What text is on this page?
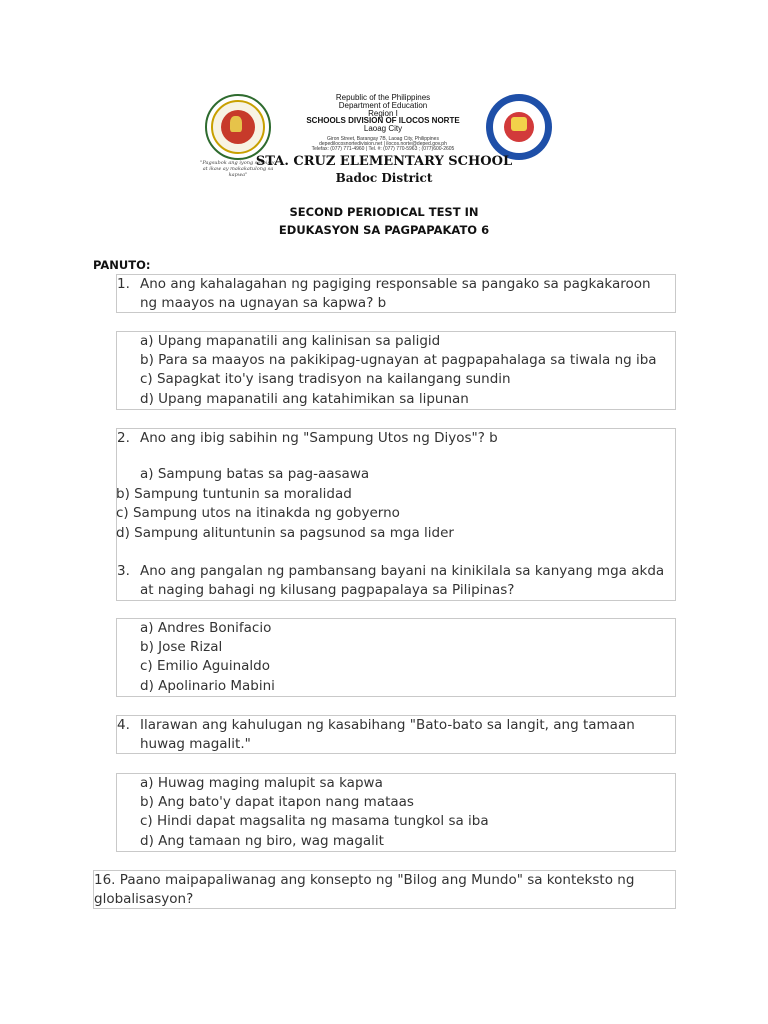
"Pagsubok ang iyong serbisyo at ikaw ay makakatulong sa kapwa"
Republic of the Philippines
Department of Education
Region I
SCHOOLS DIVISION OF ILOCOS NORTE
Laoag City
Giron Street, Barangay 7B, Laoag City, Philippines
depedilocosnortedivision.net | ilocos.norte@deped.gov.ph
Telefax: (077) 771-4960 | Tel. #: (077) 770-5963 ; (077)600-2605
STA. CRUZ ELEMENTARY SCHOOL
Badoc District
SECOND PERIODICAL TEST IN
EDUKASYON SA PAGPAPAKATO 6
PANUTO:
1. Ano ang kahalagahan ng pagiging responsable sa pangako sa pagkakaroon
ng maayos na ugnayan sa kapwa? b
a) Upang mapanatili ang kalinisan sa paligid
b) Para sa maayos na pakikipag-ugnayan at pagpapahalaga sa tiwala ng iba
c) Sapagkat ito'y isang tradisyon na kailangang sundin
d) Upang mapanatili ang katahimikan sa lipunan
2. Ano ang ibig sabihin ng "Sampung Utos ng Diyos"? b
a) Sampung batas sa pag-aasawa
b) Sampung tuntunin sa moralidad
c) Sampung utos na itinakda ng gobyerno
d) Sampung alituntunin sa pagsunod sa mga lider
3. Ano ang pangalan ng pambansang bayani na kinikilala sa kanyang mga akda
at naging bahagi ng kilusang pagpapalaya sa Pilipinas?
a) Andres Bonifacio
b) Jose Rizal
c) Emilio Aguinaldo
d) Apolinario Mabini
4. Ilarawan ang kahulugan ng kasabihang "Bato-bato sa langit, ang tamaan
huwag magalit."
a) Huwag maging malupit sa kapwa
b) Ang bato'y dapat itapon nang mataas
c) Hindi dapat magsalita ng masama tungkol sa iba
d) Ang tamaan ng biro, wag magalit
16. Paano maipapaliwanag ang konsepto ng "Bilog ang Mundo" sa konteksto ng
globalisasyon?
